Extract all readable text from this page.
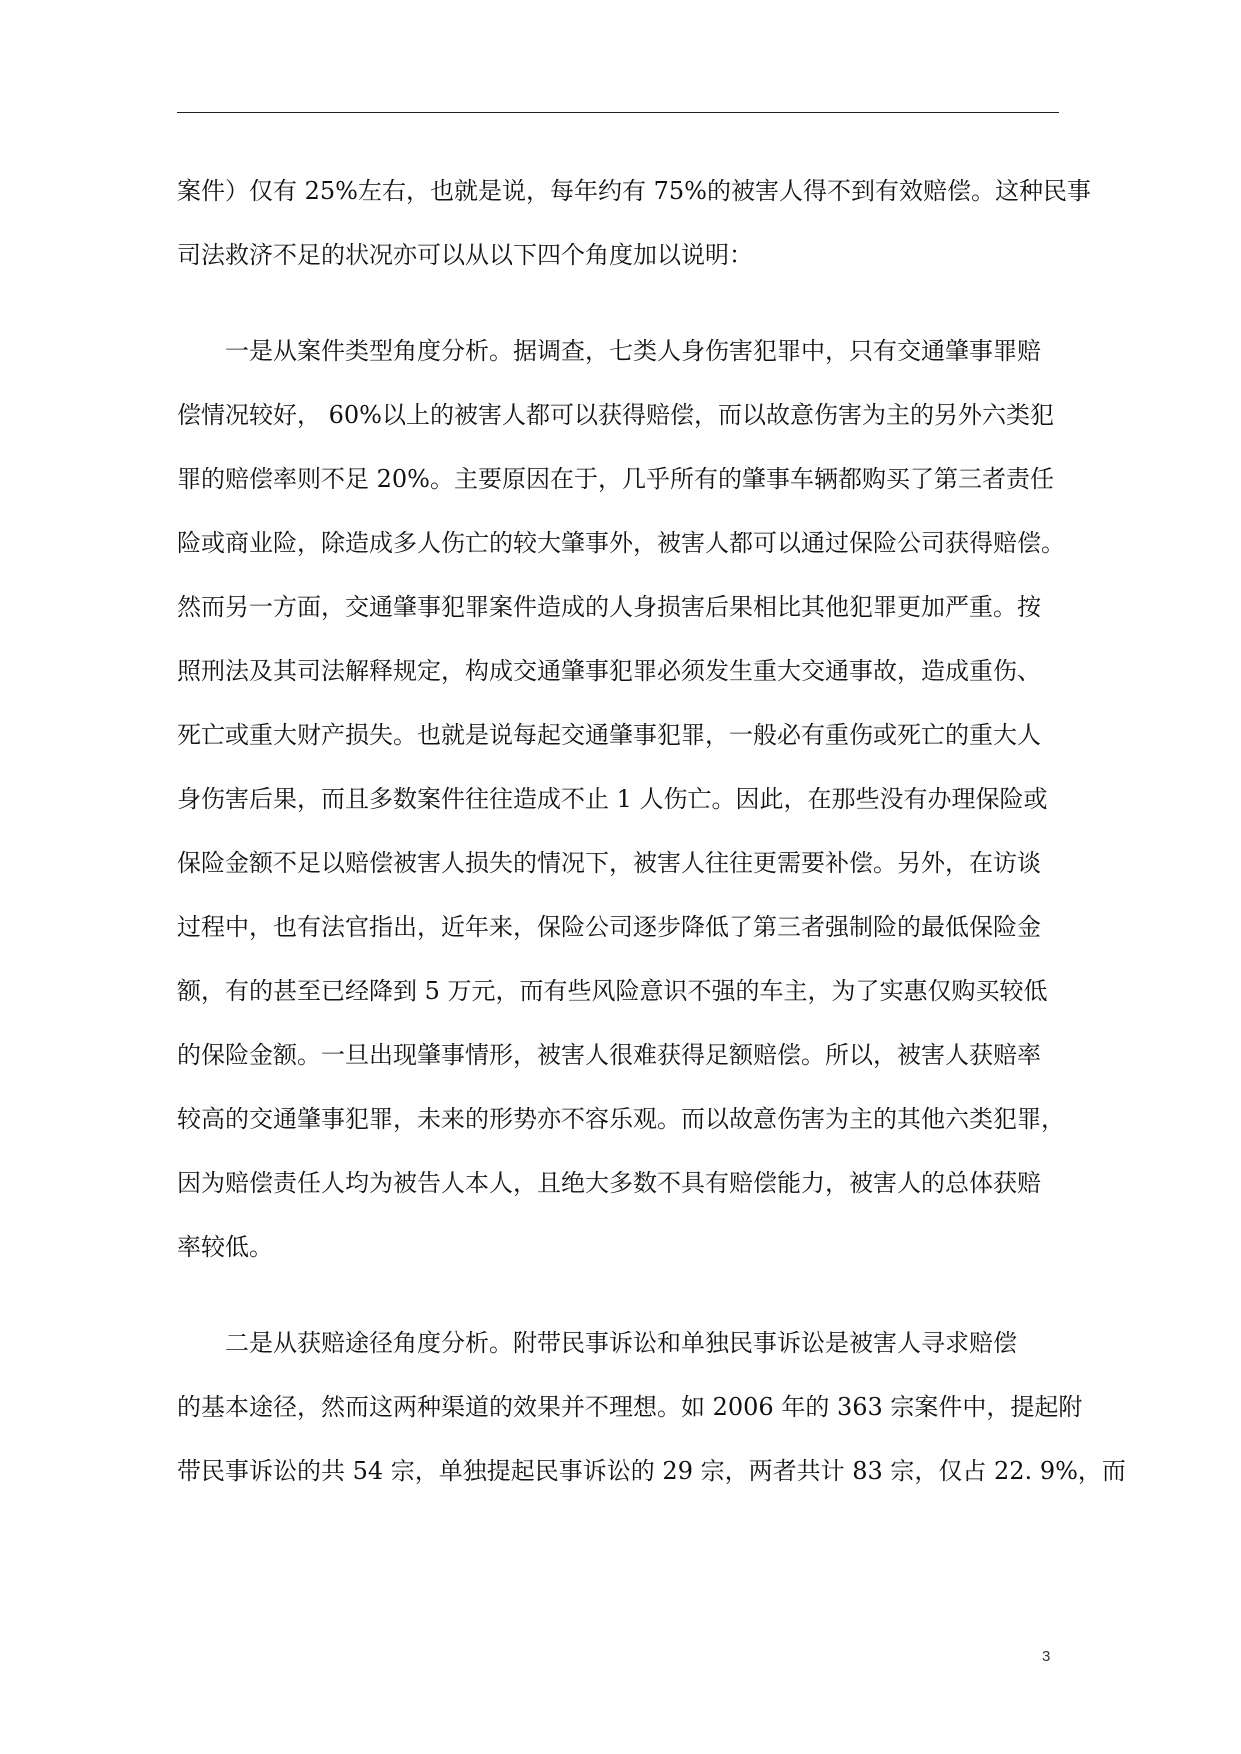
案件）仅有 25%左右，也就是说，每年约有 75%的被害人得不到有效赔偿。这种民事
司法救济不足的状况亦可以从以下四个角度加以说明：
一是从案件类型角度分析。据调查，七类人身伤害犯罪中，只有交通肇事罪赔
偿情况较好， 60%以上的被害人都可以获得赔偿，而以故意伤害为主的另外六类犯
罪的赔偿率则不足 20%。主要原因在于，几乎所有的肇事车辆都购买了第三者责任
险或商业险，除造成多人伤亡的较大肇事外，被害人都可以通过保险公司获得赔偿。
然而另一方面，交通肇事犯罪案件造成的人身损害后果相比其他犯罪更加严重。按
照刑法及其司法解释规定，构成交通肇事犯罪必须发生重大交通事故，造成重伤、
死亡或重大财产损失。也就是说每起交通肇事犯罪，一般必有重伤或死亡的重大人
身伤害后果，而且多数案件往往造成不止 1 人伤亡。因此，在那些没有办理保险或
保险金额不足以赔偿被害人损失的情况下，被害人往往更需要补偿。另外，在访谈
过程中，也有法官指出，近年来，保险公司逐步降低了第三者强制险的最低保险金
额，有的甚至已经降到 5 万元，而有些风险意识不强的车主，为了实惠仅购买较低
的保险金额。一旦出现肇事情形，被害人很难获得足额赔偿。所以，被害人获赔率
较高的交通肇事犯罪，未来的形势亦不容乐观。而以故意伤害为主的其他六类犯罪，
因为赔偿责任人均为被告人本人，且绝大多数不具有赔偿能力，被害人的总体获赔
率较低。
二是从获赔途径角度分析。附带民事诉讼和单独民事诉讼是被害人寻求赔偿
的基本途径，然而这两种渠道的效果并不理想。如 2006 年的 363 宗案件中，提起附
带民事诉讼的共 54 宗，单独提起民事诉讼的 29 宗，两者共计 83 宗，仅占 22. 9%，而
3
